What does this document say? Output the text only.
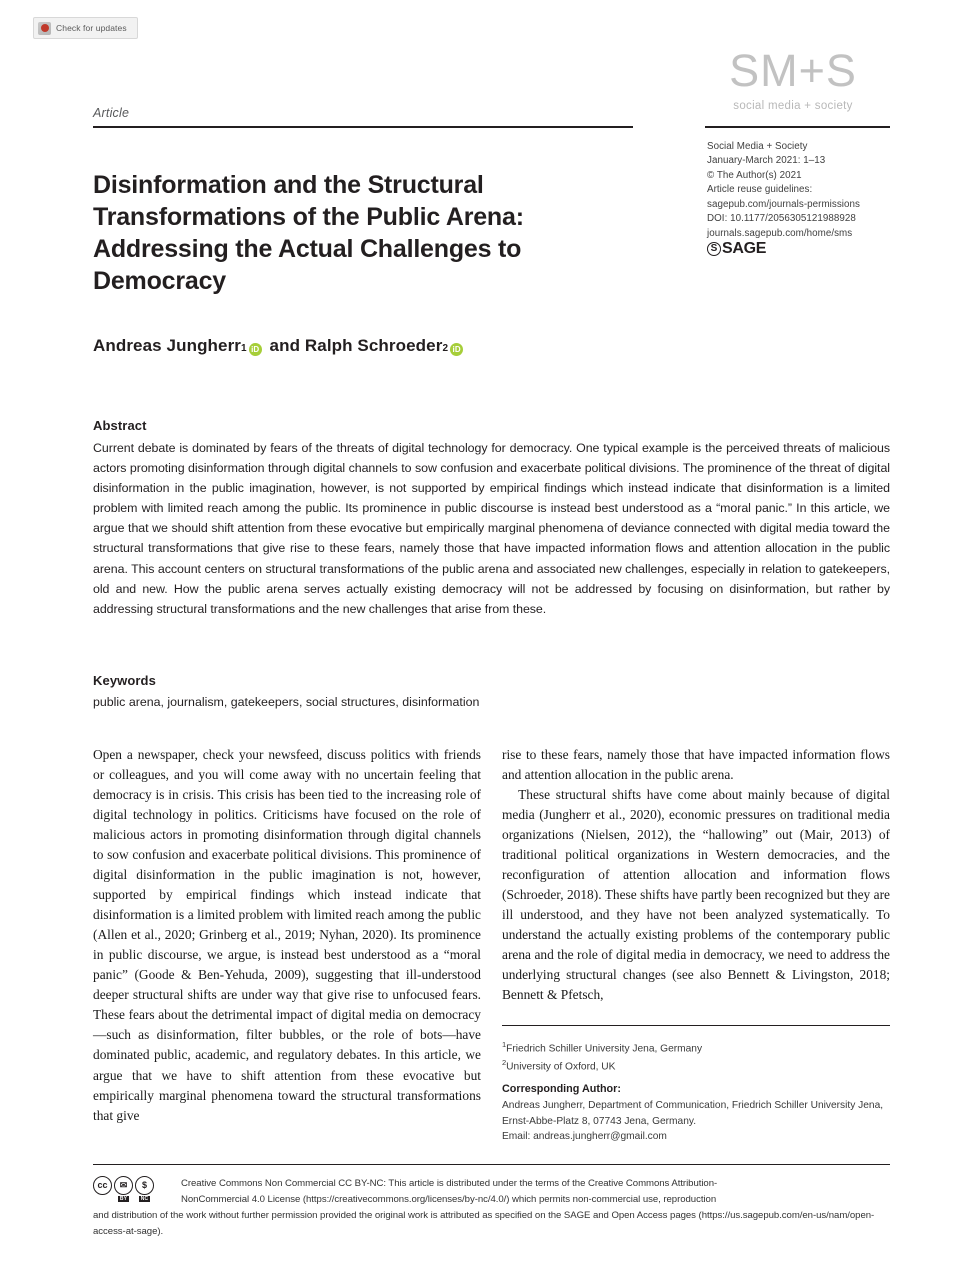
Check for updates
SM+S
social media + society
Article
Disinformation and the Structural Transformations of the Public Arena: Addressing the Actual Challenges to Democracy
Social Media + Society
January-March 2021: 1–13
© The Author(s) 2021
Article reuse guidelines:
sagepub.com/journals-permissions
DOI: 10.1177/2056305121988928
journals.sagepub.com/home/sms
S SAGE
Andreas Jungherr 1 iD
and
Ralph Schroeder 2 iD
Abstract
Current debate is dominated by fears of the threats of digital technology for democracy. One typical example is the perceived threats of malicious actors promoting disinformation through digital channels to sow confusion and exacerbate political divisions. The prominence of the threat of digital disinformation in the public imagination, however, is not supported by empirical findings which instead indicate that disinformation is a limited problem with limited reach among the public. Its prominence in public discourse is instead best understood as a “moral panic.” In this article, we argue that we should shift attention from these evocative but empirically marginal phenomena of deviance connected with digital media toward the structural transformations that give rise to these fears, namely those that have impacted information flows and attention allocation in the public arena. This account centers on structural transformations of the public arena and associated new challenges, especially in relation to gatekeepers, old and new. How the public arena serves actually existing democracy will not be addressed by focusing on disinformation, but rather by addressing structural transformations and the new challenges that arise from these.
Keywords
public arena, journalism, gatekeepers, social structures, disinformation

Open a newspaper, check your newsfeed, discuss politics with friends or colleagues, and you will come away with no uncertain feeling that democracy is in crisis. This crisis has been tied to the increasing role of digital technology in politics. Criticisms have focused on the role of malicious actors in promoting disinformation through digital channels to sow confusion and exacerbate political divisions. This prominence of digital disinformation in the public imagination is not, however, supported by empirical findings which instead indicate that disinformation is a limited problem with limited reach among the public (Allen et al., 2020; Grinberg et al., 2019; Nyhan, 2020). Its prominence in public discourse, we argue, is instead best understood as a “moral panic” (Goode & Ben-Yehuda, 2009), suggesting that ill-understood deeper structural shifts are under way that give rise to unfocused fears. These fears about the detrimental impact of digital media on democracy—such as disinformation, filter bubbles, or the role of bots—have dominated public, academic, and regulatory debates. In this article, we argue that we have to shift attention from these evocative but empirically marginal phenomena toward the structural transformations that give

rise to these fears, namely those that have impacted information flows and attention allocation in the public arena.

These structural shifts have come about mainly because of digital media (Jungherr et al., 2020), economic pressures on traditional media organizations (Nielsen, 2012), the “hallowing” out (Mair, 2013) of traditional political organizations in Western democracies, and the reconfiguration of attention allocation and information flows (Schroeder, 2018). These shifts have partly been recognized but they are ill understood, and they have not been analyzed systematically. To understand the actually existing problems of the contemporary public arena and the role of digital media in democracy, we need to address the underlying structural changes (see also Bennett & Livingston, 2018; Bennett & Pfetsch,

$^1$Friedrich Schiller University Jena, Germany
$^2$University of Oxford, UK
Corresponding Author:
Andreas Jungherr, Department of Communication, Friedrich Schiller University Jena, Ernst-Abbe-Platz 8, 07743 Jena, Germany.
Email: andreas.jungherr@gmail.com
cc	✉
BY
$
NC
Creative Commons Non Commercial CC BY-NC: This article is distributed under the terms of the Creative Commons Attribution-
NonCommercial 4.0 License (https://creativecommons.org/licenses/by-nc/4.0/) which permits non-commercial use, reproduction
and distribution of the work without further permission provided the original work is attributed as specified on the SAGE and Open Access pages (https://us.sagepub.com/en-us/nam/open-access-at-sage).
